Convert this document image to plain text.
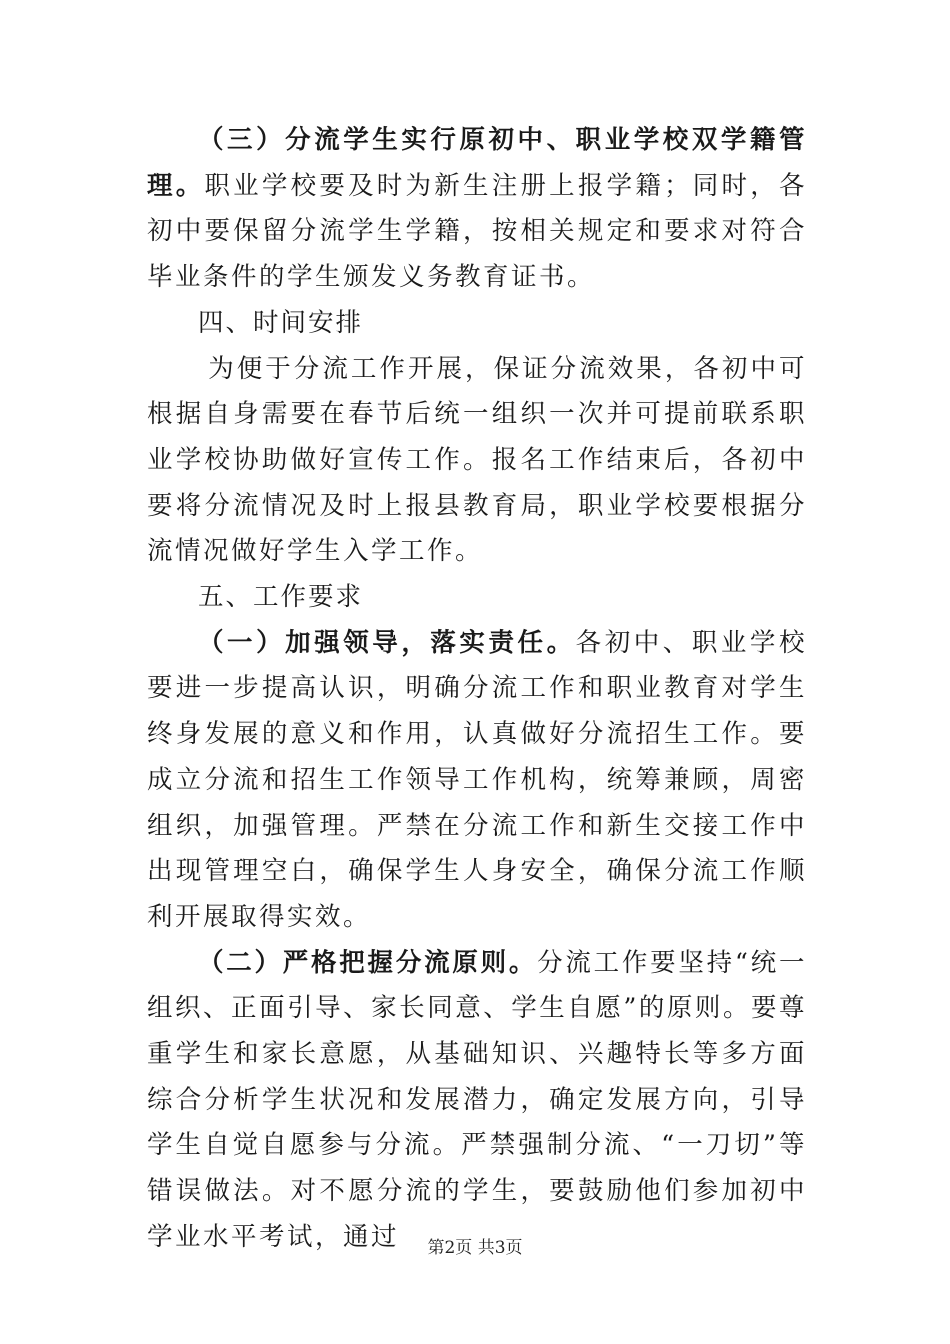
（三）分流学生实行原初中、职业学校双学籍管理。职业学校要及时为新生注册上报学籍；同时，各初中要保留分流学生学籍，按相关规定和要求对符合毕业条件的学生颁发义务教育证书。

四、时间安排

为便于分流工作开展，保证分流效果，各初中可根据自身需要在春节后统一组织一次并可提前联系职业学校协助做好宣传工作。报名工作结束后，各初中要将分流情况及时上报县教育局，职业学校要根据分流情况做好学生入学工作。

五、工作要求

（一）加强领导，落实责任。各初中、职业学校要进一步提高认识，明确分流工作和职业教育对学生终身发展的意义和作用，认真做好分流招生工作。要成立分流和招生工作领导工作机构，统筹兼顾，周密组织，加强管理。严禁在分流工作和新生交接工作中出现管理空白，确保学生人身安全，确保分流工作顺利开展取得实效。

（二）严格把握分流原则。分流工作要坚持“统一组织、正面引导、家长同意、学生自愿”的原则。要尊重学生和家长意愿，从基础知识、兴趣特长等多方面综合分析学生状况和发展潜力，确定发展方向，引导学生自觉自愿参与分流。严禁强制分流、“一刀切”等错误做法。对不愿分流的学生，要鼓励他们参加初中学业水平考试，通过	第2页 共3页
